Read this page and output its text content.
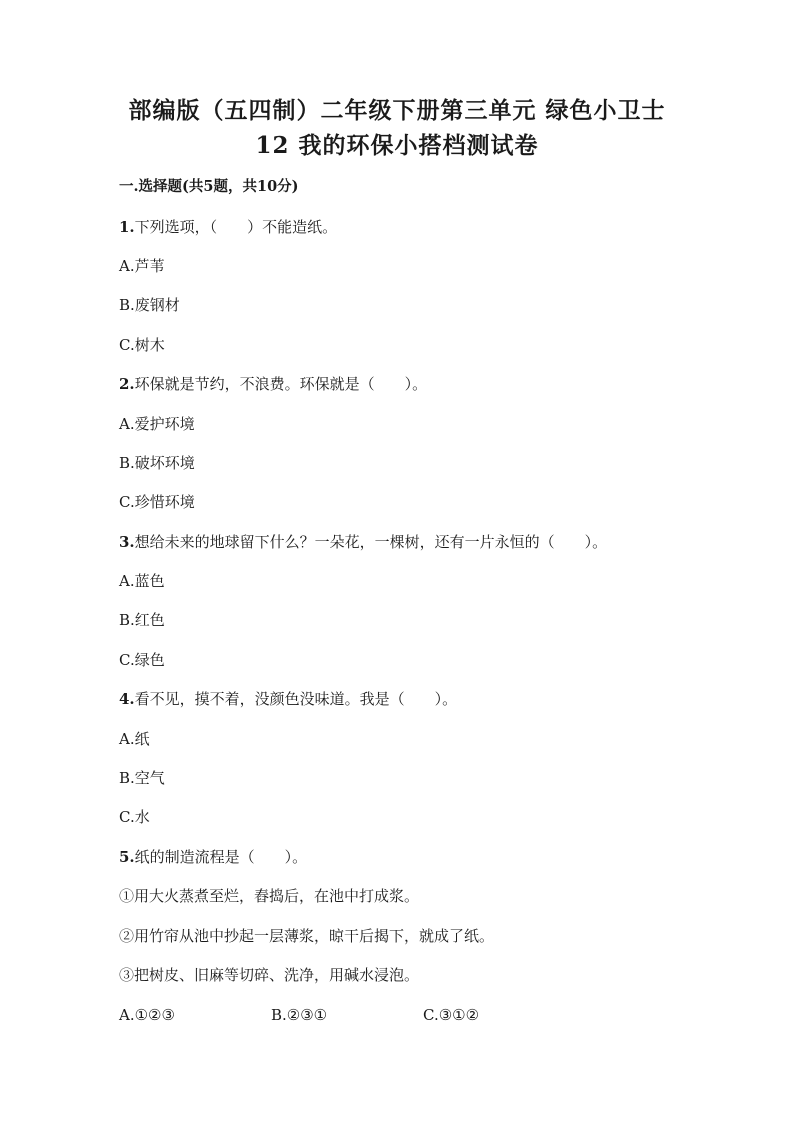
部编版（五四制）二年级下册第三单元 绿色小卫士
12 我的环保小搭档测试卷
一.选择题(共5题，共10分)
1.下列选项，（　　）不能造纸。
A.芦苇
B.废钢材
C.树木
2.环保就是节约，不浪费。环保就是（　　）。
A.爱护环境
B.破坏环境
C.珍惜环境
3.想给未来的地球留下什么？一朵花，一棵树，还有一片永恒的（　　）。
A.蓝色
B.红色
C.绿色
4.看不见，摸不着，没颜色没味道。我是（　　）。
A.纸
B.空气
C.水
5.纸的制造流程是（　　）。
①用大火蒸煮至烂，舂捣后，在池中打成浆。
②用竹帘从池中抄起一层薄浆，晾干后揭下，就成了纸。
③把树皮、旧麻等切碎、洗净，用碱水浸泡。
A.①②③	B.②③①	C.③①②
